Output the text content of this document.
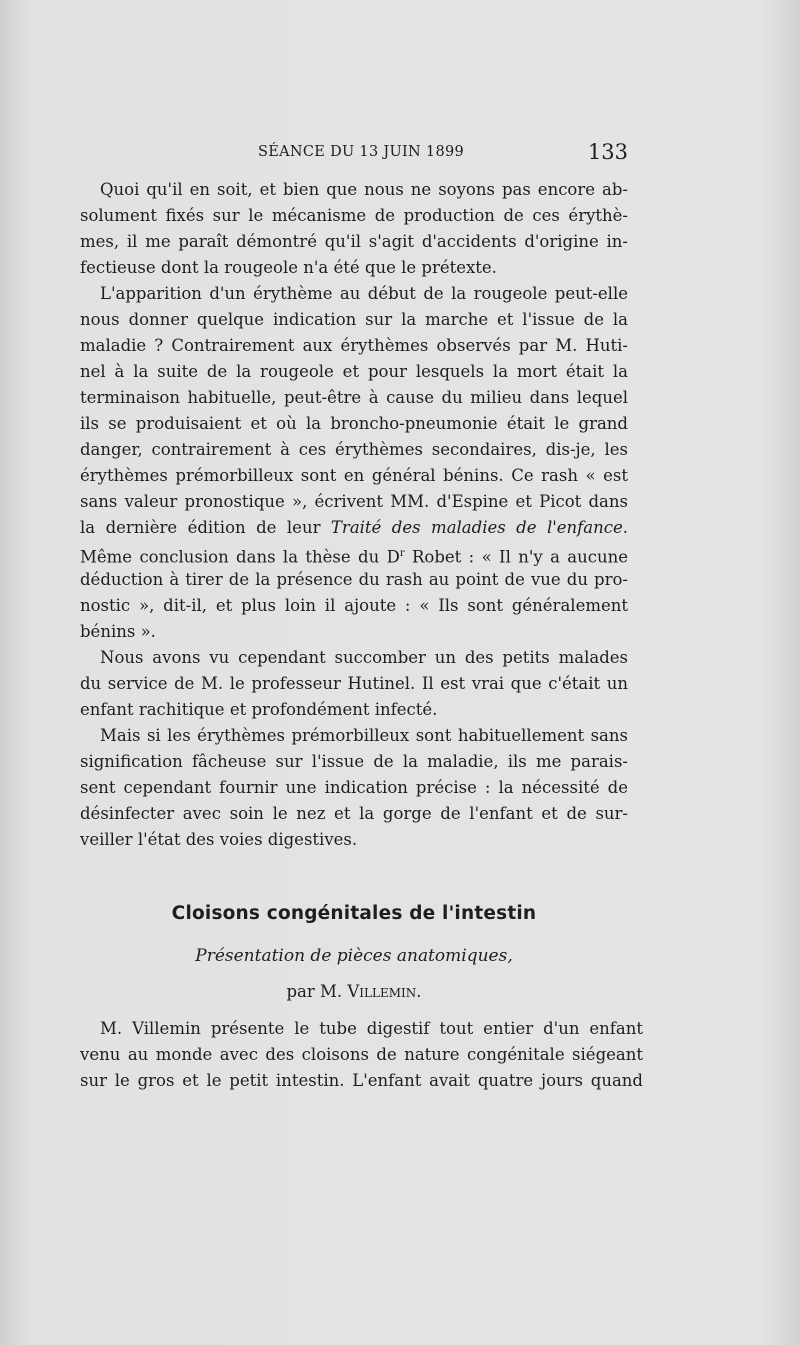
SÉANCE DU 13 JUIN 1899	133
Quoi qu'il en soit, et bien que nous ne soyons pas encore ab-
solument fixés sur le mécanisme de production de ces érythè-
mes, il me paraît démontré qu'il s'agit d'accidents d'origine in-
fectieuse dont la rougeole n'a été que le prétexte.
L'apparition d'un érythème au début de la rougeole peut-elle
nous donner quelque indication sur la marche et l'issue de la
maladie ? Contrairement aux érythèmes observés par M. Huti-
nel à la suite de la rougeole et pour lesquels la mort était la
terminaison habituelle, peut-être à cause du milieu dans lequel
ils se produisaient et où la broncho-pneumonie était le grand
danger, contrairement à ces érythèmes secondaires, dis-je, les
érythèmes prémorbilleux sont en général bénins. Ce rash « est
sans valeur pronostique », écrivent MM. d'Espine et Picot dans
la dernière édition de leur Traité des maladies de l'enfance.
Même conclusion dans la thèse du $D^r$ Robet : « Il n'y a aucune
déduction à tirer de la présence du rash au point de vue du pro-
nostic », dit-il, et plus loin il ajoute : « Ils sont généralement
bénins ».
Nous avons vu cependant succomber un des petits malades
du service de M. le professeur Hutinel. Il est vrai que c'était un
enfant rachitique et profondément infecté.
Mais si les érythèmes prémorbilleux sont habituellement sans
signification fâcheuse sur l'issue de la maladie, ils me parais-
sent cependant fournir une indication précise : la nécessité de
désinfecter avec soin le nez et la gorge de l'enfant et de sur-
veiller l'état des voies digestives.
Cloisons congénitales de l'intestin
Présentation de pièces anatomiques,
par M. Villemin.
M. Villemin présente le tube digestif tout entier d'un enfant
venu au monde avec des cloisons de nature congénitale siégeant
sur le gros et le petit intestin. L'enfant avait quatre jours quand
